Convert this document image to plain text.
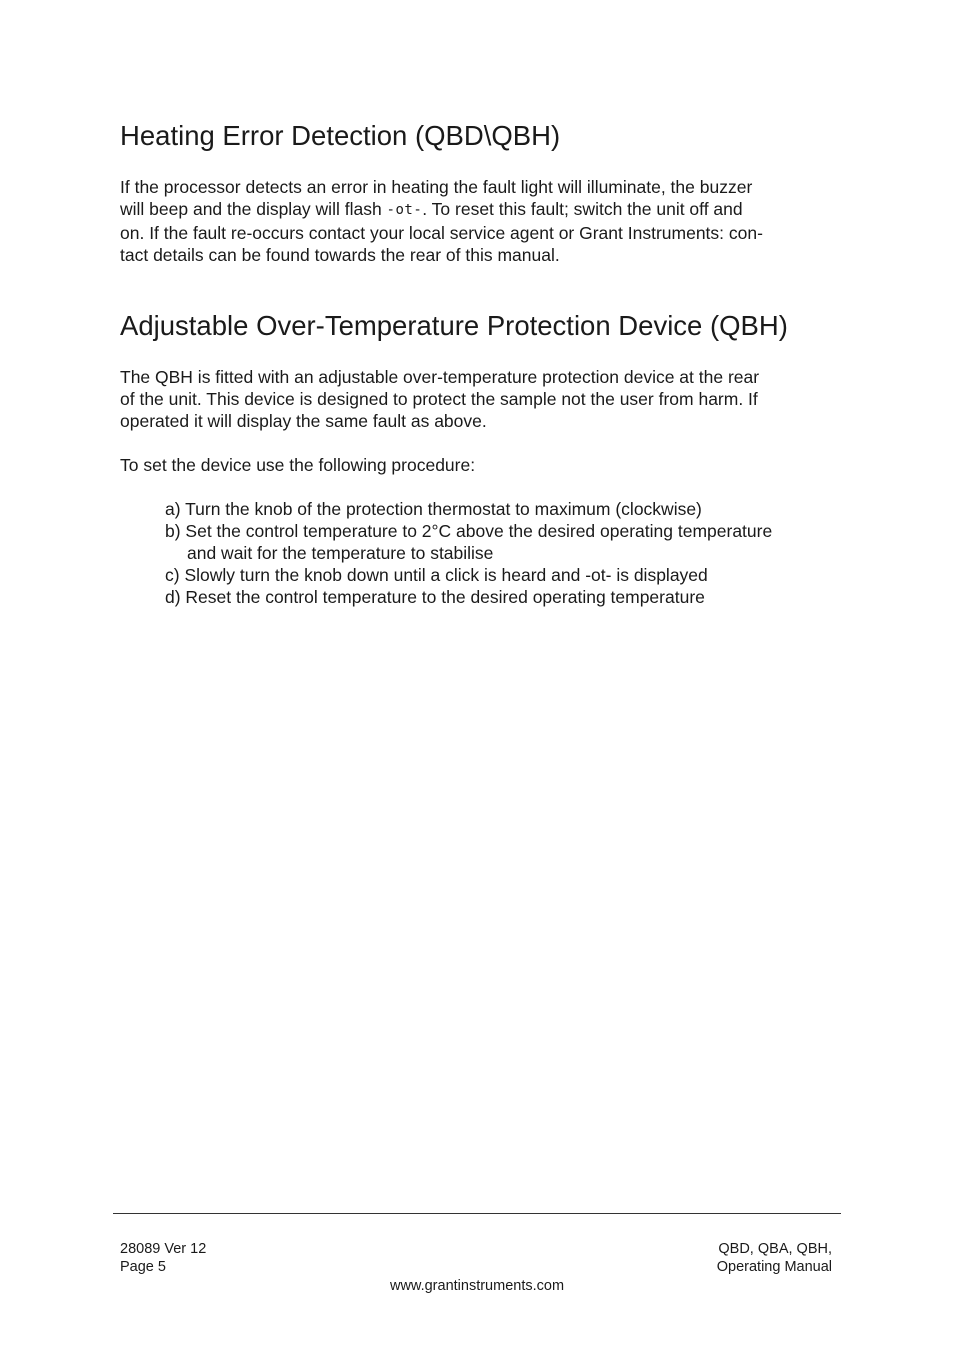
Heating Error Detection (QBD\QBH)

If the processor detects an error in heating the fault light will illuminate, the buzzer
will beep and the display will flash -ot-. To reset this fault; switch the unit off and
on. If the fault re-occurs contact your local service agent or Grant Instruments: con-
tact details can be found towards the rear of this manual.

Adjustable Over-Temperature Protection Device (QBH)

The QBH is fitted with an adjustable over-temperature protection device at the rear
of the unit. This device is designed to protect the sample not the user from harm. If
operated it will display the same fault as above.

To set the device use the following procedure:

a) Turn the knob of the protection thermostat to maximum (clockwise)
b) Set the control temperature to 2°C above the desired operating temperature
and wait for the temperature to stabilise
c) Slowly turn the knob down until a click is heard and -ot- is displayed
d) Reset the control temperature to the desired operating temperature
28089 Ver 12
Page 5
QBD, QBA, QBH,
Operating Manual
www.grantinstruments.com
